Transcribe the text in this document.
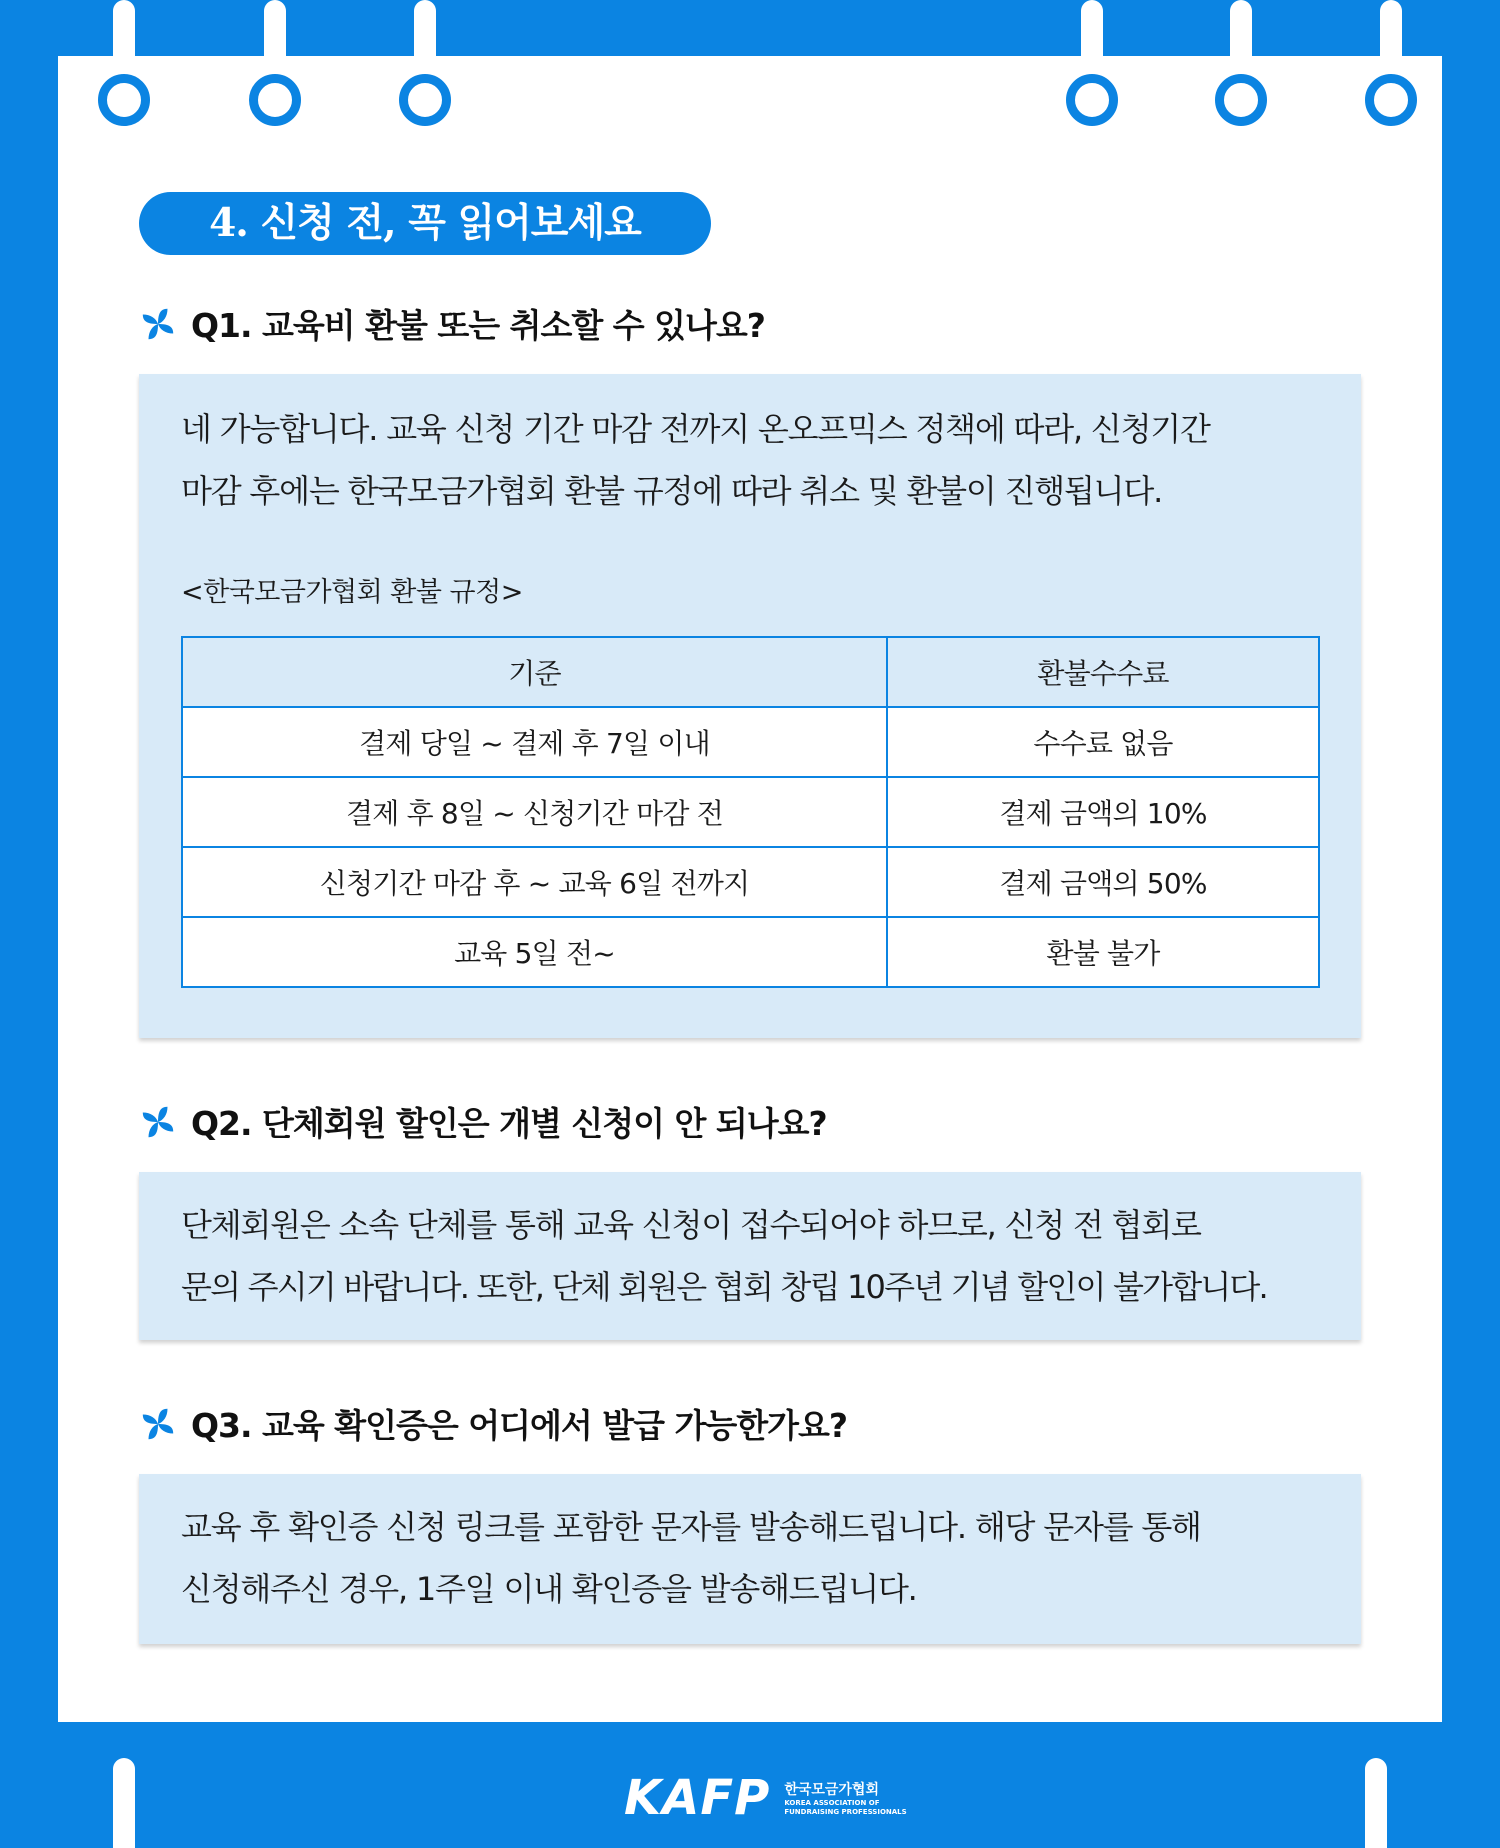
4. 신청 전, 꼭 읽어보세요
Q1. 교육비 환불 또는 취소할 수 있나요?

네 가능합니다. 교육 신청 기간 마감 전까지 온오프믹스 정책에 따라, 신청기간

마감 후에는 한국모금가협회 환불 규정에 따라 취소 및 환불이 진행됩니다.

<한국모금가협회 환불 규정>
기준	환불수수료
결제 당일 ~ 결제 후 7일 이내	수수료 없음
결제 후 8일 ~ 신청기간 마감 전	결제 금액의 10%
신청기간 마감 후 ~ 교육 6일 전까지	결제 금액의 50%
교육 5일 전~	환불 불가
Q2. 단체회원 할인은 개별 신청이 안 되나요?

단체회원은 소속 단체를 통해 교육 신청이 접수되어야 하므로, 신청 전 협회로

문의 주시기 바랍니다. 또한, 단체 회원은 협회 창립 10주년 기념 할인이 불가합니다.

Q3. 교육 확인증은 어디에서 발급 가능한가요?

교육 후 확인증 신청 링크를 포함한 문자를 발송해드립니다. 해당 문자를 통해

신청해주신 경우, 1주일 이내 확인증을 발송해드립니다.

KAFP 한국모금가협회
KOREA ASSOCIATION OF
FUNDRAISING PROFESSIONALS
